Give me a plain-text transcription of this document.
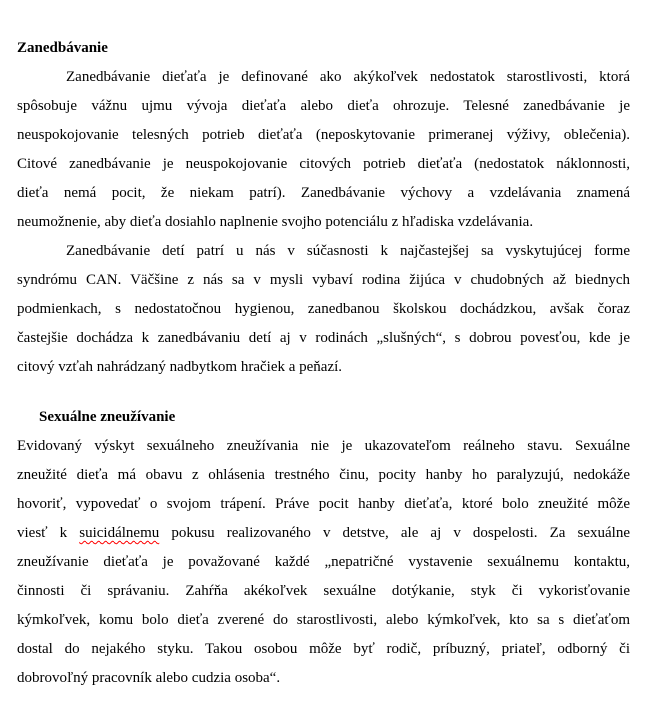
Zanedbávanie
Zanedbávanie dieťaťa je definované ako akýkoľvek nedostatok starostlivosti, ktorá
spôsobuje vážnu ujmu vývoja dieťaťa alebo dieťa ohrozuje. Telesné zanedbávanie je
neuspokojovanie telesných potrieb dieťaťa (neposkytovanie primeranej výživy, oblečenia).
Citové zanedbávanie je neuspokojovanie citových potrieb dieťaťa (nedostatok náklonnosti,
dieťa nemá pocit, že niekam patrí). Zanedbávanie výchovy a vzdelávania znamená
neumožnenie, aby dieťa dosiahlo naplnenie svojho potenciálu z hľadiska vzdelávania.
Zanedbávanie detí patrí u nás v súčasnosti k najčastejšej sa vyskytujúcej forme
syndrómu CAN. Väčšine z nás sa v mysli vybaví rodina žijúca v chudobných až biednych
podmienkach, s nedostatočnou hygienou, zanedbanou školskou dochádzkou, avšak čoraz
častejšie dochádza k zanedbávaniu detí aj v rodinách „slušných“, s dobrou povesťou, kde je
citový vzťah nahrádzaný nadbytkom hračiek a peňazí.
Sexuálne zneužívanie
Evidovaný výskyt sexuálneho zneužívania nie je ukazovateľom reálneho stavu. Sexuálne
zneužité dieťa má obavu z ohlásenia trestného činu, pocity hanby ho paralyzujú, nedokáže
hovoriť, vypovedať o svojom trápení. Práve pocit hanby dieťaťa, ktoré bolo zneužité môže
viesť k suicidálnemu pokusu realizovaného v detstve, ale aj v dospelosti. Za sexuálne
zneužívanie dieťaťa je považované každé „nepatričné vystavenie sexuálnemu kontaktu,
činnosti či správaniu. Zahŕňa akékoľvek sexuálne dotýkanie, styk či vykorisťovanie
kýmkoľvek, komu bolo dieťa zverené do starostlivosti, alebo kýmkoľvek, kto sa s dieťaťom
dostal do nejakého styku. Takou osobou môže byť rodič, príbuzný, priateľ, odborný či
dobrovoľný pracovník alebo cudzia osoba“.
